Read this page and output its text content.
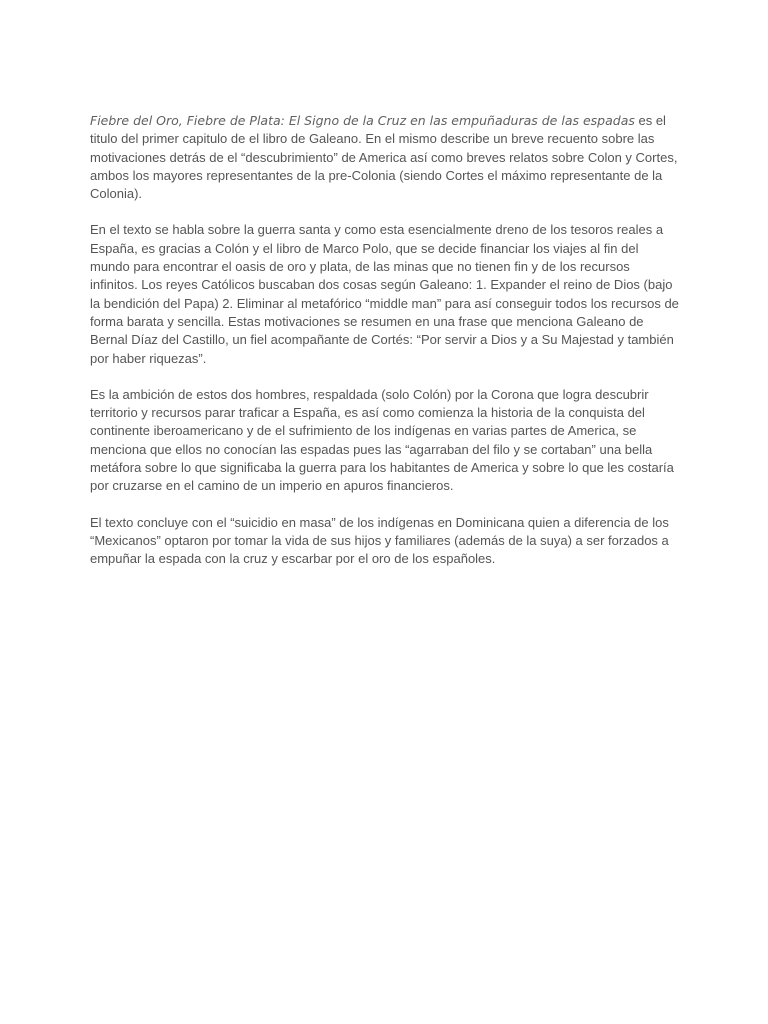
Fiebre del Oro, Fiebre de Plata: El Signo de la Cruz en las empuñaduras de las espadas es el titulo del primer capitulo de el libro de Galeano. En el mismo describe un breve recuento sobre las motivaciones detrás de el “descubrimiento” de America así como breves relatos sobre Colon y Cortes, ambos los mayores representantes de la pre-Colonia (siendo Cortes el máximo representante de la Colonia).

En el texto se habla sobre la guerra santa y como esta esencialmente dreno de los tesoros reales a España, es gracias a Colón y el libro de Marco Polo, que se decide financiar los viajes al fin del mundo para encontrar el oasis de oro y plata, de las minas que no tienen fin y de los recursos infinitos. Los reyes Católicos buscaban dos cosas según Galeano: 1. Expander el reino de Dios (bajo la bendición del Papa) 2. Eliminar al metafórico “middle man” para así conseguir todos los recursos de forma barata y sencilla. Estas motivaciones se resumen en una frase que menciona Galeano de Bernal Díaz del Castillo, un fiel acompañante de Cortés: “Por servir a Dios y a Su Majestad y también por haber riquezas”.

Es la ambición de estos dos hombres, respaldada (solo Colón) por la Corona que logra descubrir territorio y recursos parar traficar a España, es así como comienza la historia de la conquista del continente iberoamericano y de el sufrimiento de los indígenas en varias partes de America, se menciona que ellos no conocían las espadas pues las “agarraban del filo y se cortaban” una bella metáfora sobre lo que significaba la guerra para los habitantes de America y sobre lo que les costaría por cruzarse en el camino de un imperio en apuros financieros.

El texto concluye con el “suicidio en masa” de los indígenas en Dominicana quien a diferencia de los “Mexicanos” optaron por tomar la vida de sus hijos y familiares (además de la suya) a ser forzados a empuñar la espada con la cruz y escarbar por el oro de los españoles.
